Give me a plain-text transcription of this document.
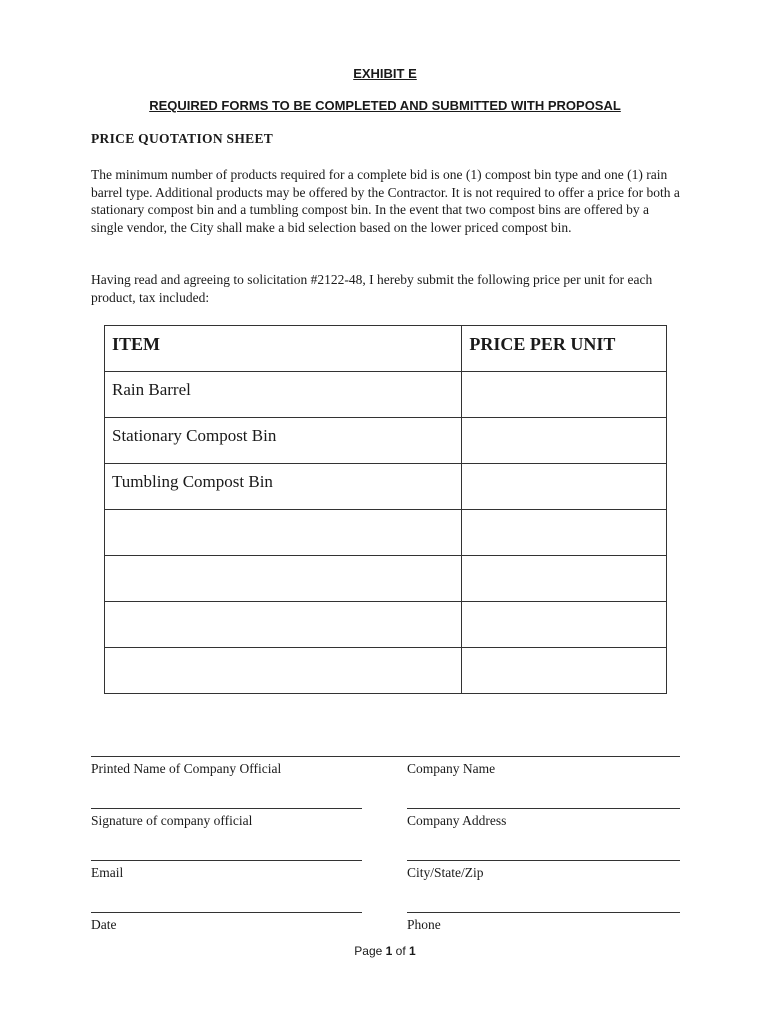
EXHIBIT E
REQUIRED FORMS TO BE COMPLETED AND SUBMITTED WITH PROPOSAL
PRICE QUOTATION SHEET
The minimum number of products required for a complete bid is one (1) compost bin type and one (1) rain barrel type. Additional products may be offered by the Contractor. It is not required to offer a price for both a stationary compost bin and a tumbling compost bin. In the event that two compost bins are offered by a single vendor, the City shall make a bid selection based on the lower priced compost bin.
Having read and agreeing to solicitation #2122-48, I hereby submit the following price per unit for each product, tax included:
ITEM	PRICE PER UNIT
Rain Barrel	
Stationary Compost Bin	
Tumbling Compost Bin	

Printed Name of Company Official	Company Name
Signature of company official	Company Address
Email	City/State/Zip
Date	Phone
Page 1 of 1
